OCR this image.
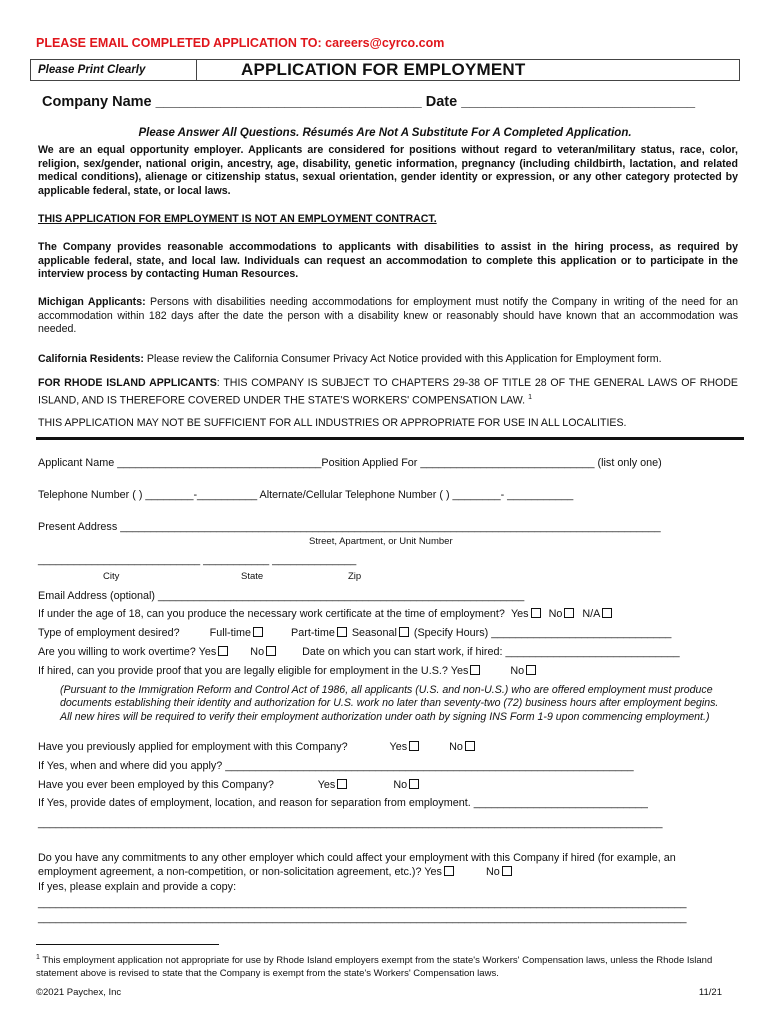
PLEASE EMAIL COMPLETED APPLICATION TO: careers@cyrco.com
Please Print Clearly	APPLICATION FOR EMPLOYMENT
Company Name _________________________________ Date _____________________________
Please Answer All Questions. Résumés Are Not A Substitute For A Completed Application.
We are an equal opportunity employer. Applicants are considered for positions without regard to veteran/military status, race, color, religion, sex/gender, national origin, ancestry, age, disability, genetic information, pregnancy (including childbirth, lactation, and related medical conditions), alienage or citizenship status, sexual orientation, gender identity or expression, or any other category protected by applicable federal, state, or local laws.
THIS APPLICATION FOR EMPLOYMENT IS NOT AN EMPLOYMENT CONTRACT.
The Company provides reasonable accommodations to applicants with disabilities to assist in the hiring process, as required by applicable federal, state, and local law. Individuals can request an accommodation to complete this application or to participate in the interview process by contacting Human Resources.
Michigan Applicants: Persons with disabilities needing accommodations for employment must notify the Company in writing of the need for an accommodation within 182 days after the date the person with a disability knew or reasonably should have known that an accommodation was needed.
California Residents: Please review the California Consumer Privacy Act Notice provided with this Application for Employment form.
FOR RHODE ISLAND APPLICANTS: THIS COMPANY IS SUBJECT TO CHAPTERS 29-38 OF TITLE 28 OF THE GENERAL LAWS OF RHODE ISLAND, AND IS THEREFORE COVERED UNDER THE STATE'S WORKERS' COMPENSATION LAW. $^1$
THIS APPLICATION MAY NOT BE SUFFICIENT FOR ALL INDUSTRIES OR APPROPRIATE FOR USE IN ALL LOCALITIES.
Applicant Name __________________________________Position Applied For _____________________________ (list only one)
Telephone Number ( ) ________-__________ Alternate/Cellular Telephone Number ( ) ________- ___________
Present Address __________________________________________________________________________________________
Street, Apartment, or Unit Number
___________________________ ___________ ______________
City	State	Zip
Email Address (optional) _____________________________________________________________
If under the age of 18, can you produce the necessary work certificate at the time of employment? Yes No N/A
Type of employment desired?	Full-time	Part-time Seasonal (Specify Hours) ______________________________
Are you willing to work overtime? Yes	No	Date on which you can start work, if hired: _____________________________
If hired, can you provide proof that you are legally eligible for employment in the U.S.? Yes	No
(Pursuant to the Immigration Reform and Control Act of 1986, all applicants (U.S. and non-U.S.) who are offered employment must produce documents establishing their identity and authorization for U.S. work no later than seventy-two (72) business hours after employment begins. All new hires will be required to verify their employment authorization under oath by signing INS Form 1-9 upon commencing employment.)
Have you previously applied for employment with this Company?	Yes	No
If Yes, when and where did you apply? ____________________________________________________________________
Have you ever been employed by this Company?	Yes	No
If Yes, provide dates of employment, location, and reason for separation from employment. _____________________________
________________________________________________________________________________________________________
Do you have any commitments to any other employer which could affect your employment with this Company if hired (for example, an employment agreement, a non-competition, or non-solicitation agreement, etc.)? Yes	No
If yes, please explain and provide a copy:
____________________________________________________________________________________________________________
____________________________________________________________________________________________________________
$^1$ This employment application not appropriate for use by Rhode Island employers exempt from the state's Workers' Compensation laws, unless the Rhode Island statement above is revised to state that the Company is exempt from the state's Workers' Compensation laws.
©2021 Paychex, Inc	11/21
